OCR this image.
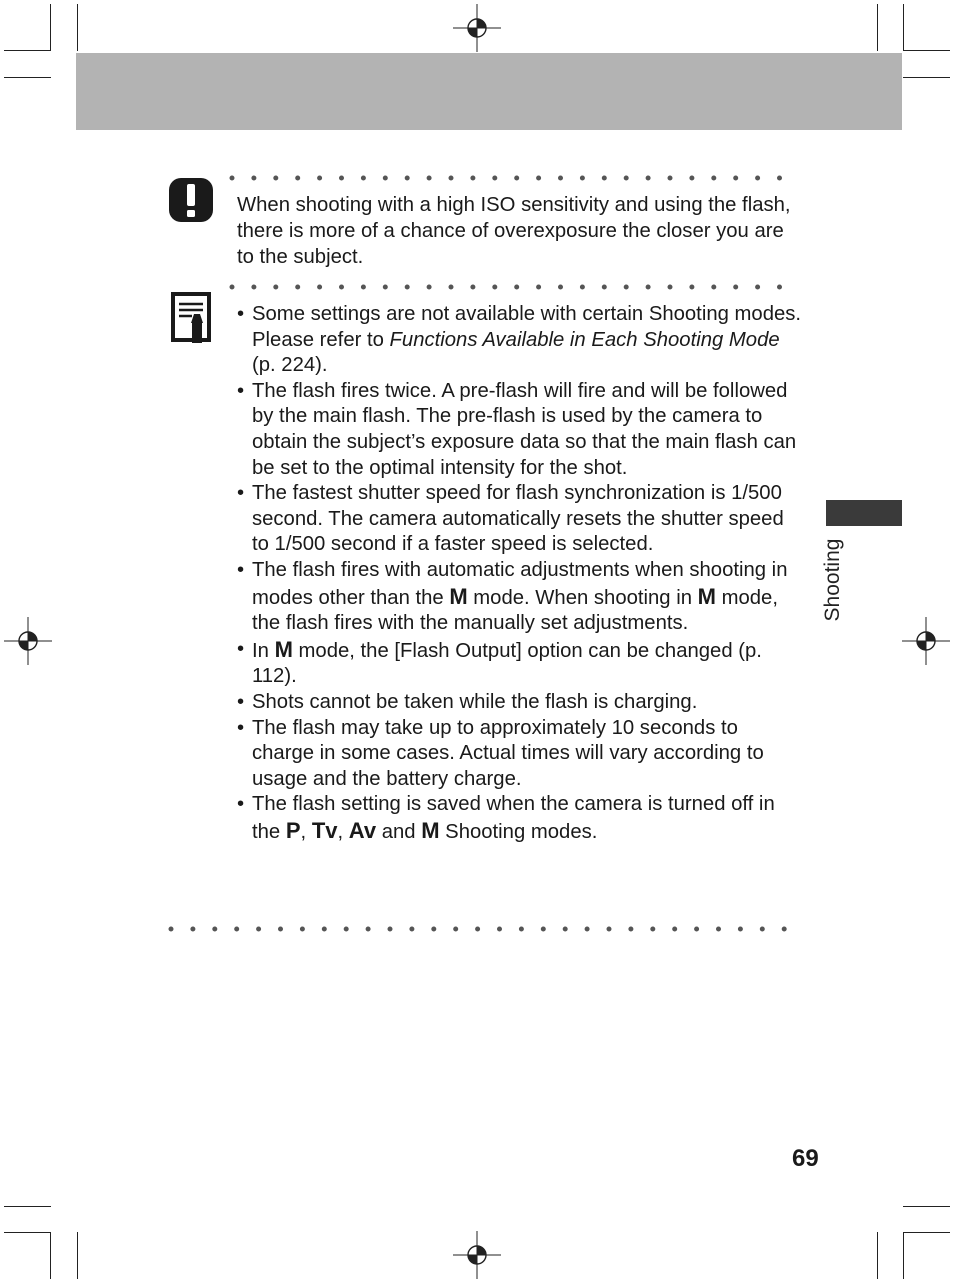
When shooting with a high ISO sensitivity and using the flash, there is more of a chance of overexposure the closer you are to the subject.

• Some settings are not available with certain Shooting modes. Please refer to Functions Available in Each Shooting Mode (p. 224).
• The flash fires twice. A pre-flash will fire and will be followed by the main flash. The pre-flash is used by the camera to obtain the subject’s exposure data so that the main flash can be set to the optimal intensity for the shot.
• The fastest shutter speed for flash synchronization is 1/500 second. The camera automatically resets the shutter speed to 1/500 second if a faster speed is selected.
• The flash fires with automatic adjustments when shooting in modes other than the M mode. When shooting in M mode, the flash fires with the manually set adjustments.
• In M mode, the [Flash Output] option can be changed (p. 112).
• Shots cannot be taken while the flash is charging.
• The flash may take up to approximately 10 seconds to charge in some cases. Actual times will vary according to usage and the battery charge.
• The flash setting is saved when the camera is turned off in the P, Tv, Av and M Shooting modes.
Shooting
69
